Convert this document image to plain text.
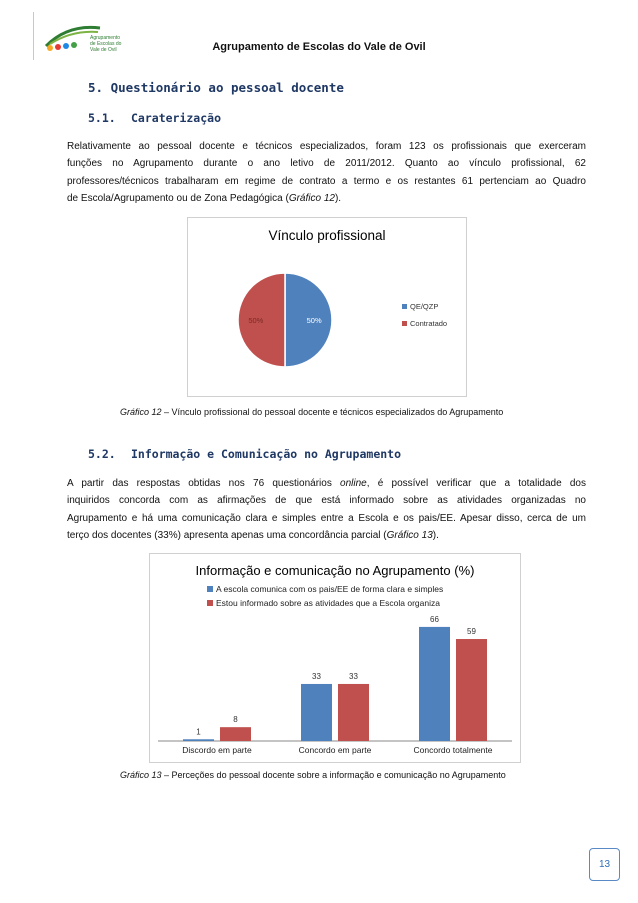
Agrupamento
de Escolas do
Vale de Ovil	Agrupamento de Escolas do Vale de Ovil
5. Questionário ao pessoal docente
5.1. Caraterização
Relativamente ao pessoal docente e técnicos especializados, foram 123 os profissionais que exerceram
funções no Agrupamento durante o ano letivo de 2011/2012. Quanto ao vínculo profissional, 62
professores/técnicos trabalharam em regime de contrato a termo e os restantes 61 pertenciam ao Quadro
de Escola/Agrupamento ou de Zona Pedagógica (Gráfico 12).
Vínculo profissional
50%
50%
QE/QZP
Contratado
Gráfico 12 – Vínculo profissional do pessoal docente e técnicos especializados do Agrupamento
5.2. Informação e Comunicação no Agrupamento
A partir das respostas obtidas nos 76 questionários online, é possível verificar que a totalidade dos
inquiridos concorda com as afirmações de que está informado sobre as atividades organizadas no
Agrupamento e há uma comunicação clara e simples entre a Escola e os pais/EE. Apesar disso, cerca de um
terço dos docentes (33%) apresenta apenas uma concordância parcial (Gráfico 13).
Informação e comunicação no Agrupamento (%)
A escola comunica com os pais/EE de forma clara e simples
Estou informado sobre as atividades que a Escola organiza
1
8
Discordo em parte
33	33
Concordo em parte
66
59
Concordo totalmente
Gráfico 13 – Perceções do pessoal docente sobre a informação e comunicação no Agrupamento
13
